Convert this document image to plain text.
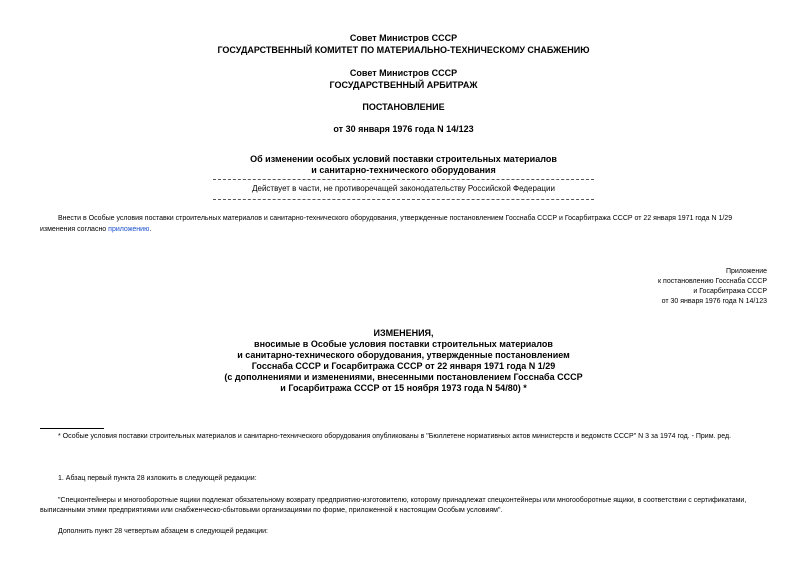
Совет Министров СССР
ГОСУДАРСТВЕННЫЙ КОМИТЕТ ПО МАТЕРИАЛЬНО-ТЕХНИЧЕСКОМУ СНАБЖЕНИЮ
Совет Министров СССР
ГОСУДАРСТВЕННЫЙ АРБИТРАЖ
ПОСТАНОВЛЕНИЕ
от 30 января 1976 года N 14/123
Об изменении особых условий поставки строительных материалов
и санитарно-технического оборудования
Действует в части, не противоречащей законодательству Российской Федерации
Внести в Особые условия поставки строительных материалов и санитарно-технического оборудования, утвержденные постановлением Госснаба СССР и Госарбитража СССР от 22 января 1971 года N 1/29
изменения согласно приложению.
Приложение
к постановлению Госснаба СССР
и Госарбитража СССР
от 30 января 1976 года N 14/123
ИЗМЕНЕНИЯ,
вносимые в Особые условия поставки строительных материалов
и санитарно-технического оборудования, утвержденные постановлением
Госснаба СССР и Госарбитража СССР от 22 января 1971 года N 1/29
(с дополнениями и изменениями, внесенными постановлением Госснаба СССР
и Госарбитража СССР от 15 ноября 1973 года N 54/80) *
* Особые условия поставки строительных материалов и санитарно-технического оборудования опубликованы в "Бюллетене нормативных актов министерств и ведомств СССР" N 3 за 1974 год. - Прим. ред.
1. Абзац первый пункта 28 изложить в следующей редакции:
"Спецконтейнеры и многооборотные ящики подлежат обязательному возврату предприятию-изготовителю, которому принадлежат спецконтейнеры или многооборотные ящики, в соответствии с сертификатами,
выписанными этими предприятиями или снабженческо-сбытовыми организациями по форме, приложенной к настоящим Особым условиям".
Дополнить пункт 28 четвертым абзацем в следующей редакции:
